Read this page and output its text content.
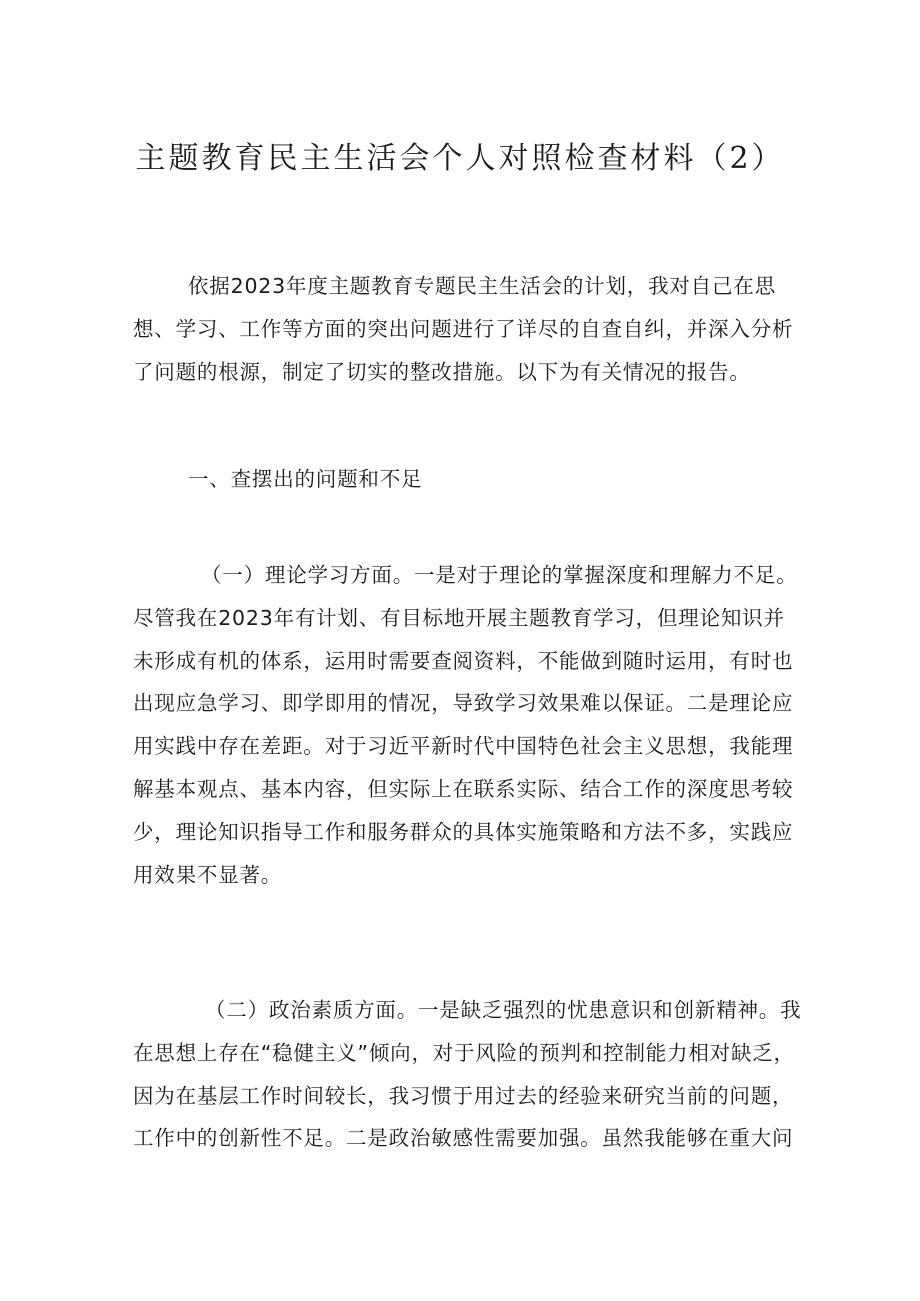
主题教育民主生活会个人对照检查材料（2）
依据2023年度主题教育专题民主生活会的计划，我对自己在思
想、学习、工作等方面的突出问题进行了详尽的自查自纠，并深入分析
了问题的根源，制定了切实的整改措施。以下为有关情况的报告。
一、查摆出的问题和不足
（一）理论学习方面。一是对于理论的掌握深度和理解力不足。
尽管我在2023年有计划、有目标地开展主题教育学习，但理论知识并
未形成有机的体系，运用时需要查阅资料，不能做到随时运用，有时也
出现应急学习、即学即用的情况，导致学习效果难以保证。二是理论应
用实践中存在差距。对于习近平新时代中国特色社会主义思想，我能理
解基本观点、基本内容，但实际上在联系实际、结合工作的深度思考较
少，理论知识指导工作和服务群众的具体实施策略和方法不多，实践应
用效果不显著。
（二）政治素质方面。一是缺乏强烈的忧患意识和创新精神。我
在思想上存在“稳健主义”倾向，对于风险的预判和控制能力相对缺乏，
因为在基层工作时间较长，我习惯于用过去的经验来研究当前的问题，
工作中的创新性不足。二是政治敏感性需要加强。虽然我能够在重大问
